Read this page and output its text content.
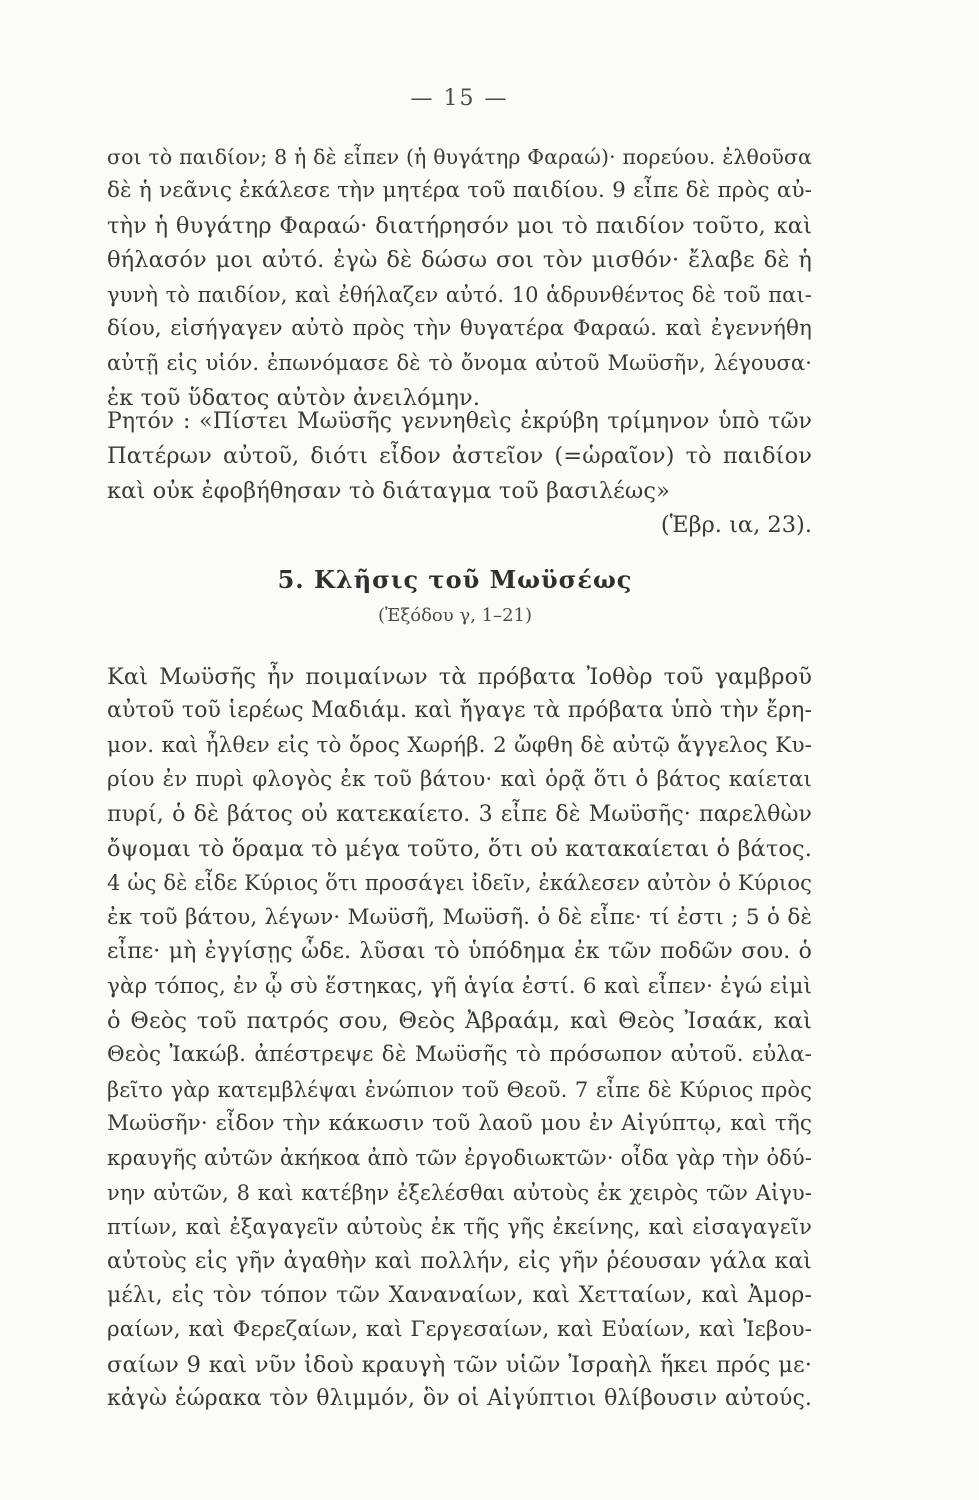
— 15 —
σοι τὸ παιδίον; 8 ἡ δὲ εἶπεν (ἡ θυγάτηρ Φαραώ)· πορεύου. ἐλθοῦσα
δὲ ἡ νεᾶνις ἐκάλεσε τὴν μητέρα τοῦ παιδίου. 9 εἶπε δὲ πρὸς αὐ-
τὴν ἡ θυγάτηρ Φαραώ· διατήρησόν μοι τὸ παιδίον τοῦτο, καὶ
θήλασόν μοι αὐτό. ἐγὼ δὲ δώσω σοι τὸν μισθόν· ἔλαβε δὲ ἡ
γυνὴ τὸ παιδίον, καὶ ἐθήλαζεν αὐτό. 10 ἁδρυνθέντος δὲ τοῦ παι-
δίου, εἰσήγαγεν αὐτὸ πρὸς τὴν θυγατέρα Φαραώ. καὶ ἐγεννήθη
αὐτῇ εἰς υἱόν. ἐπωνόμασε δὲ τὸ ὄνομα αὐτοῦ Μωϋσῆν, λέγουσα·
ἐκ τοῦ ὕδατος αὐτὸν ἀνειλόμην.
Ρητόν : «Πίστει Μωϋσῆς γεννηθεὶς ἐκρύβη τρίμηνον ὑπὸ τῶν
Πατέρων αὐτοῦ, διότι εἶδον ἀστεῖον (=ὡραῖον) τὸ παιδίον
καὶ οὐκ ἐφοβήθησαν τὸ διάταγμα τοῦ βασιλέως»
(Ἑβρ. ια, 23).
5. Κλῆσις τοῦ Μωϋσέως
(Ἐξόδου γ, 1–21)
Καὶ Μωϋσῆς ἦν ποιμαίνων τὰ πρόβατα Ἰοθὸρ τοῦ γαμβροῦ
αὐτοῦ τοῦ ἱερέως Μαδιάμ. καὶ ἤγαγε τὰ πρόβατα ὑπὸ τὴν ἔρη-
μον. καὶ ἦλθεν εἰς τὸ ὄρος Χωρήβ. 2 ὤφθη δὲ αὐτῷ ἄγγελος Κυ-
ρίου ἐν πυρὶ φλογὸς ἐκ τοῦ βάτου· καὶ ὁρᾷ ὅτι ὁ βάτος καίεται
πυρί, ὁ δὲ βάτος οὐ κατεκαίετο. 3 εἶπε δὲ Μωϋσῆς· παρελθὼν
ὄψομαι τὸ ὅραμα τὸ μέγα τοῦτο, ὅτι οὐ κατακαίεται ὁ βάτος.
4 ὡς δὲ εἶδε Κύριος ὅτι προσάγει ἰδεῖν, ἐκάλεσεν αὐτὸν ὁ Κύριος
ἐκ τοῦ βάτου, λέγων· Μωϋσῆ, Μωϋσῆ. ὁ δὲ εἶπε· τί ἐστι ; 5 ὁ δὲ
εἶπε· μὴ ἐγγίσῃς ὧδε. λῦσαι τὸ ὑπόδημα ἐκ τῶν ποδῶν σου. ὁ
γὰρ τόπος, ἐν ᾧ σὺ ἕστηκας, γῆ ἁγία ἐστί. 6 καὶ εἶπεν· ἐγώ εἰμὶ
ὁ Θεὸς τοῦ πατρός σου, Θεὸς Ἀβραάμ, καὶ Θεὸς Ἰσαάκ, καὶ
Θεὸς Ἰακώβ. ἀπέστρεψε δὲ Μωϋσῆς τὸ πρόσωπον αὐτοῦ. εὐλα-
βεῖτο γὰρ κατεμβλέψαι ἐνώπιον τοῦ Θεοῦ. 7 εἶπε δὲ Κύριος πρὸς
Μωϋσῆν· εἶδον τὴν κάκωσιν τοῦ λαοῦ μου ἐν Αἰγύπτῳ, καὶ τῆς
κραυγῆς αὐτῶν ἀκήκοα ἀπὸ τῶν ἐργοδιωκτῶν· οἶδα γὰρ τὴν ὀδύ-
νην αὐτῶν, 8 καὶ κατέβην ἐξελέσθαι αὐτοὺς ἐκ χειρὸς τῶν Αἰγυ-
πτίων, καὶ ἐξαγαγεῖν αὐτοὺς ἐκ τῆς γῆς ἐκείνης, καὶ εἰσαγαγεῖν
αὐτοὺς εἰς γῆν ἀγαθὴν καὶ πολλήν, εἰς γῆν ῥέουσαν γάλα καὶ
μέλι, εἰς τὸν τόπον τῶν Χαναναίων, καὶ Χετταίων, καὶ Ἀμορ-
ραίων, καὶ Φερεζαίων, καὶ Γεργεσαίων, καὶ Εὐαίων, καὶ Ἰεβου-
σαίων 9 καὶ νῦν ἰδοὺ κραυγὴ τῶν υἱῶν Ἰσραὴλ ἥκει πρός με·
κἀγὼ ἑώρακα τὸν θλιμμόν, ὃν οἱ Αἰγύπτιοι θλίβουσιν αὐτούς.
